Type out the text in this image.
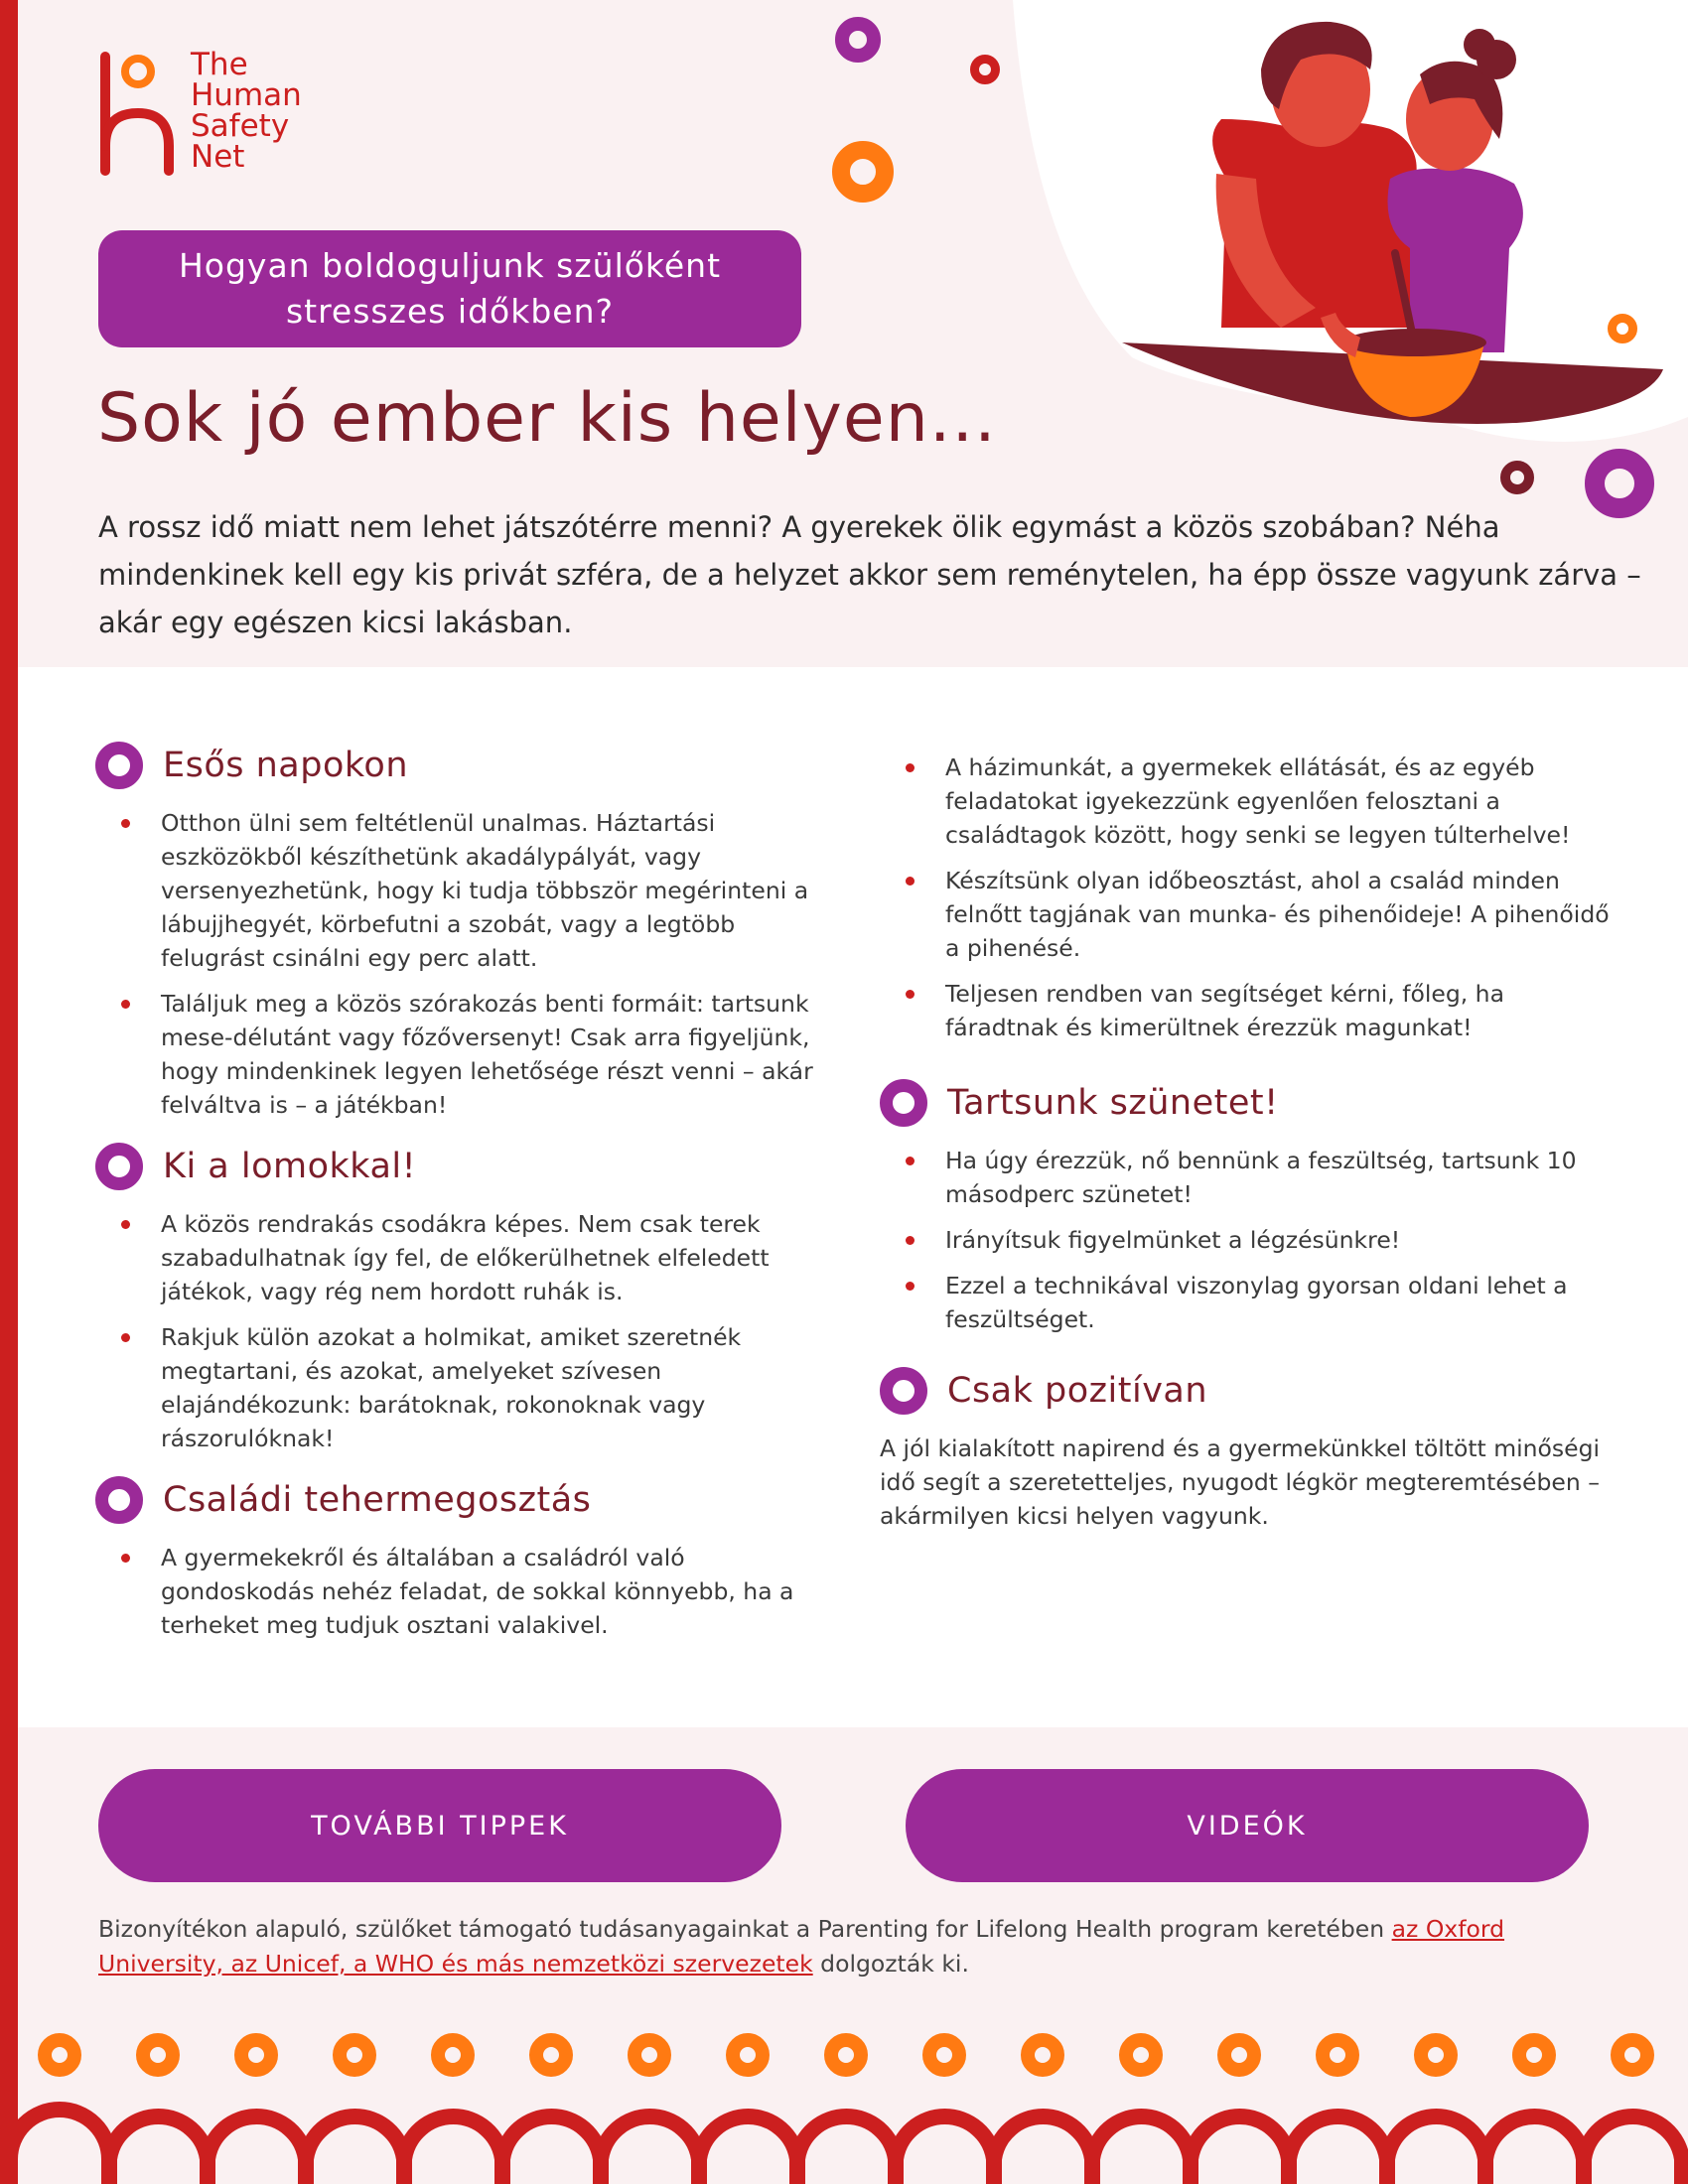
The
Human
Safety
Net
Hogyan boldoguljunk szülőként stresszes időkben?
Sok jó ember kis helyen...

A rossz idő miatt nem lehet játszótérre menni? A gyerekek ölik egymást a közös szobában? Néha mindenkinek kell egy kis privát szféra, de a helyzet akkor sem reménytelen, ha épp össze vagyunk zárva – akár egy egészen kicsi lakásban.

Esős napokon
Otthon ülni sem feltétlenül unalmas. Háztartási eszközökből készíthetünk akadálypályát, vagy versenyezhetünk, hogy ki tudja többször megérinteni a lábujjhegyét, körbefutni a szobát, vagy a legtöbb felugrást csinálni egy perc alatt.
Találjuk meg a közös szórakozás benti formáit: tartsunk mese-délutánt vagy főzőversenyt! Csak arra figyeljünk, hogy mindenkinek legyen lehetősége részt venni – akár felváltva is – a játékban!
Ki a lomokkal!
A közös rendrakás csodákra képes. Nem csak terek szabadulhatnak így fel, de előkerülhetnek elfeledett játékok, vagy rég nem hordott ruhák is.
Rakjuk külön azokat a holmikat, amiket szeretnék megtartani, és azokat, amelyeket szívesen elajándékozunk: barátoknak, rokonoknak vagy rászorulóknak!
Családi tehermegosztás
A gyermekekről és általában a családról való gondoskodás nehéz feladat, de sokkal könnyebb, ha a terheket meg tudjuk osztani valakivel.
A házimunkát, a gyermekek ellátását, és az egyéb feladatokat igyekezzünk egyenlően felosztani a családtagok között, hogy senki se legyen túlterhelve!
Készítsünk olyan időbeosztást, ahol a család minden felnőtt tagjának van munka- és pihenőideje! A pihenőidő a pihenésé.
Teljesen rendben van segítséget kérni, főleg, ha fáradtnak és kimerültnek érezzük magunkat!
Tartsunk szünetet!
Ha úgy érezzük, nő bennünk a feszültség, tartsunk 10 másodperc szünetet!
Irányítsuk figyelmünket a légzésünkre!
Ezzel a technikával viszonylag gyorsan oldani lehet a feszültséget.
Csak pozitívan

A jól kialakított napirend és a gyermekünkkel töltött minőségi idő segít a szeretetteljes, nyugodt légkör megteremtésében – akármilyen kicsi helyen vagyunk.

TOVÁBBI TIPPEK	VIDEÓK

Bizonyítékon alapuló, szülőket támogató tudásanyagainkat a Parenting for Lifelong Health program keretében az Oxford University, az Unicef, a WHO és más nemzetközi szervezetek dolgozták ki.
